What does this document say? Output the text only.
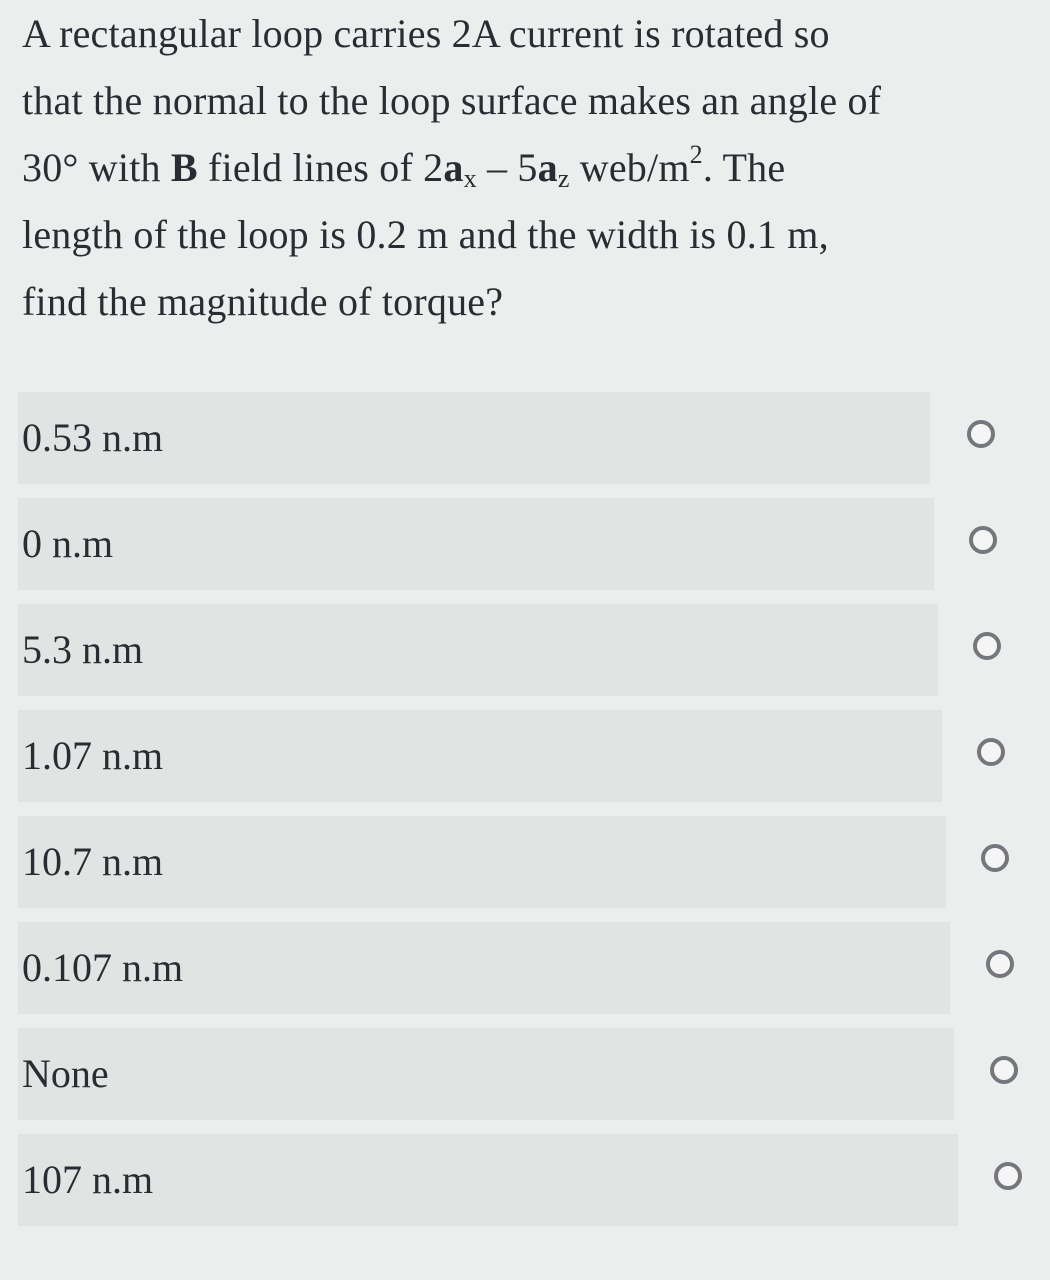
A rectangular loop carries 2A current is rotated so
that the normal to the loop surface makes an angle of
30° with B field lines of $2a_x - 5a_z$ web/$m^2$. The
length of the loop is 0.2 m and the width is 0.1 m,
find the magnitude of torque?
0.53 n.m
0 n.m
5.3 n.m
1.07 n.m
10.7 n.m
0.107 n.m
None
107 n.m
